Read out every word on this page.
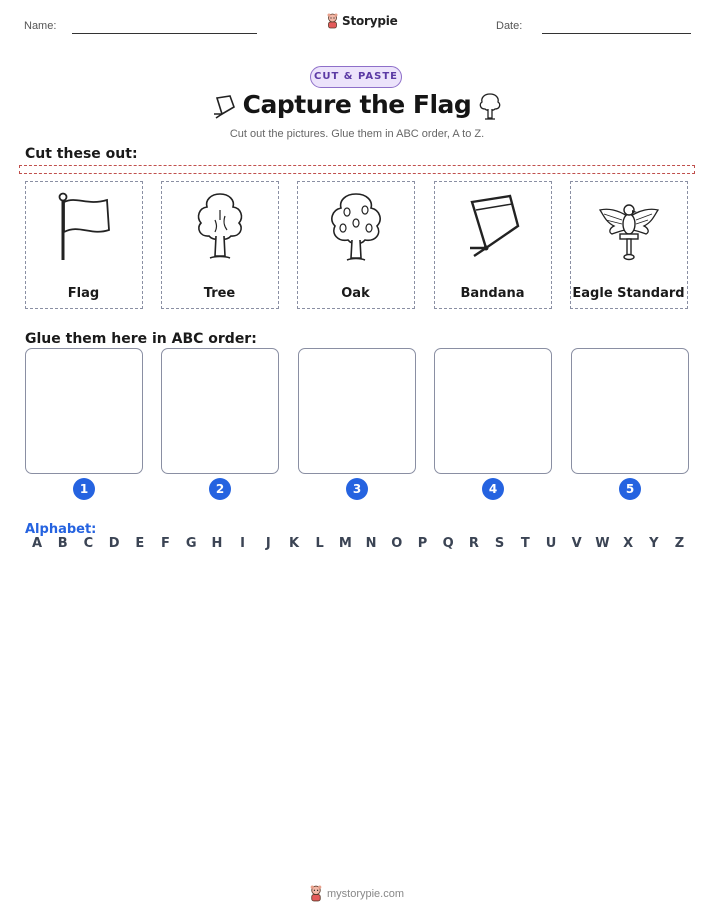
Name:	Storypie	Date:
CUT & PASTE
Capture the Flag
Cut out the pictures. Glue them in ABC order, A to Z.
Cut these out:
Flag	Tree	Oak	Bandana	Eagle Standard
Glue them here in ABC order:
1	2	3	4	5
Alphabet:
A	B	C	D	E	F	G	H	I	J	K	L	M	N	O	P	Q	R	S	T	U	V	W	X	Y	Z
mystorypie.com
